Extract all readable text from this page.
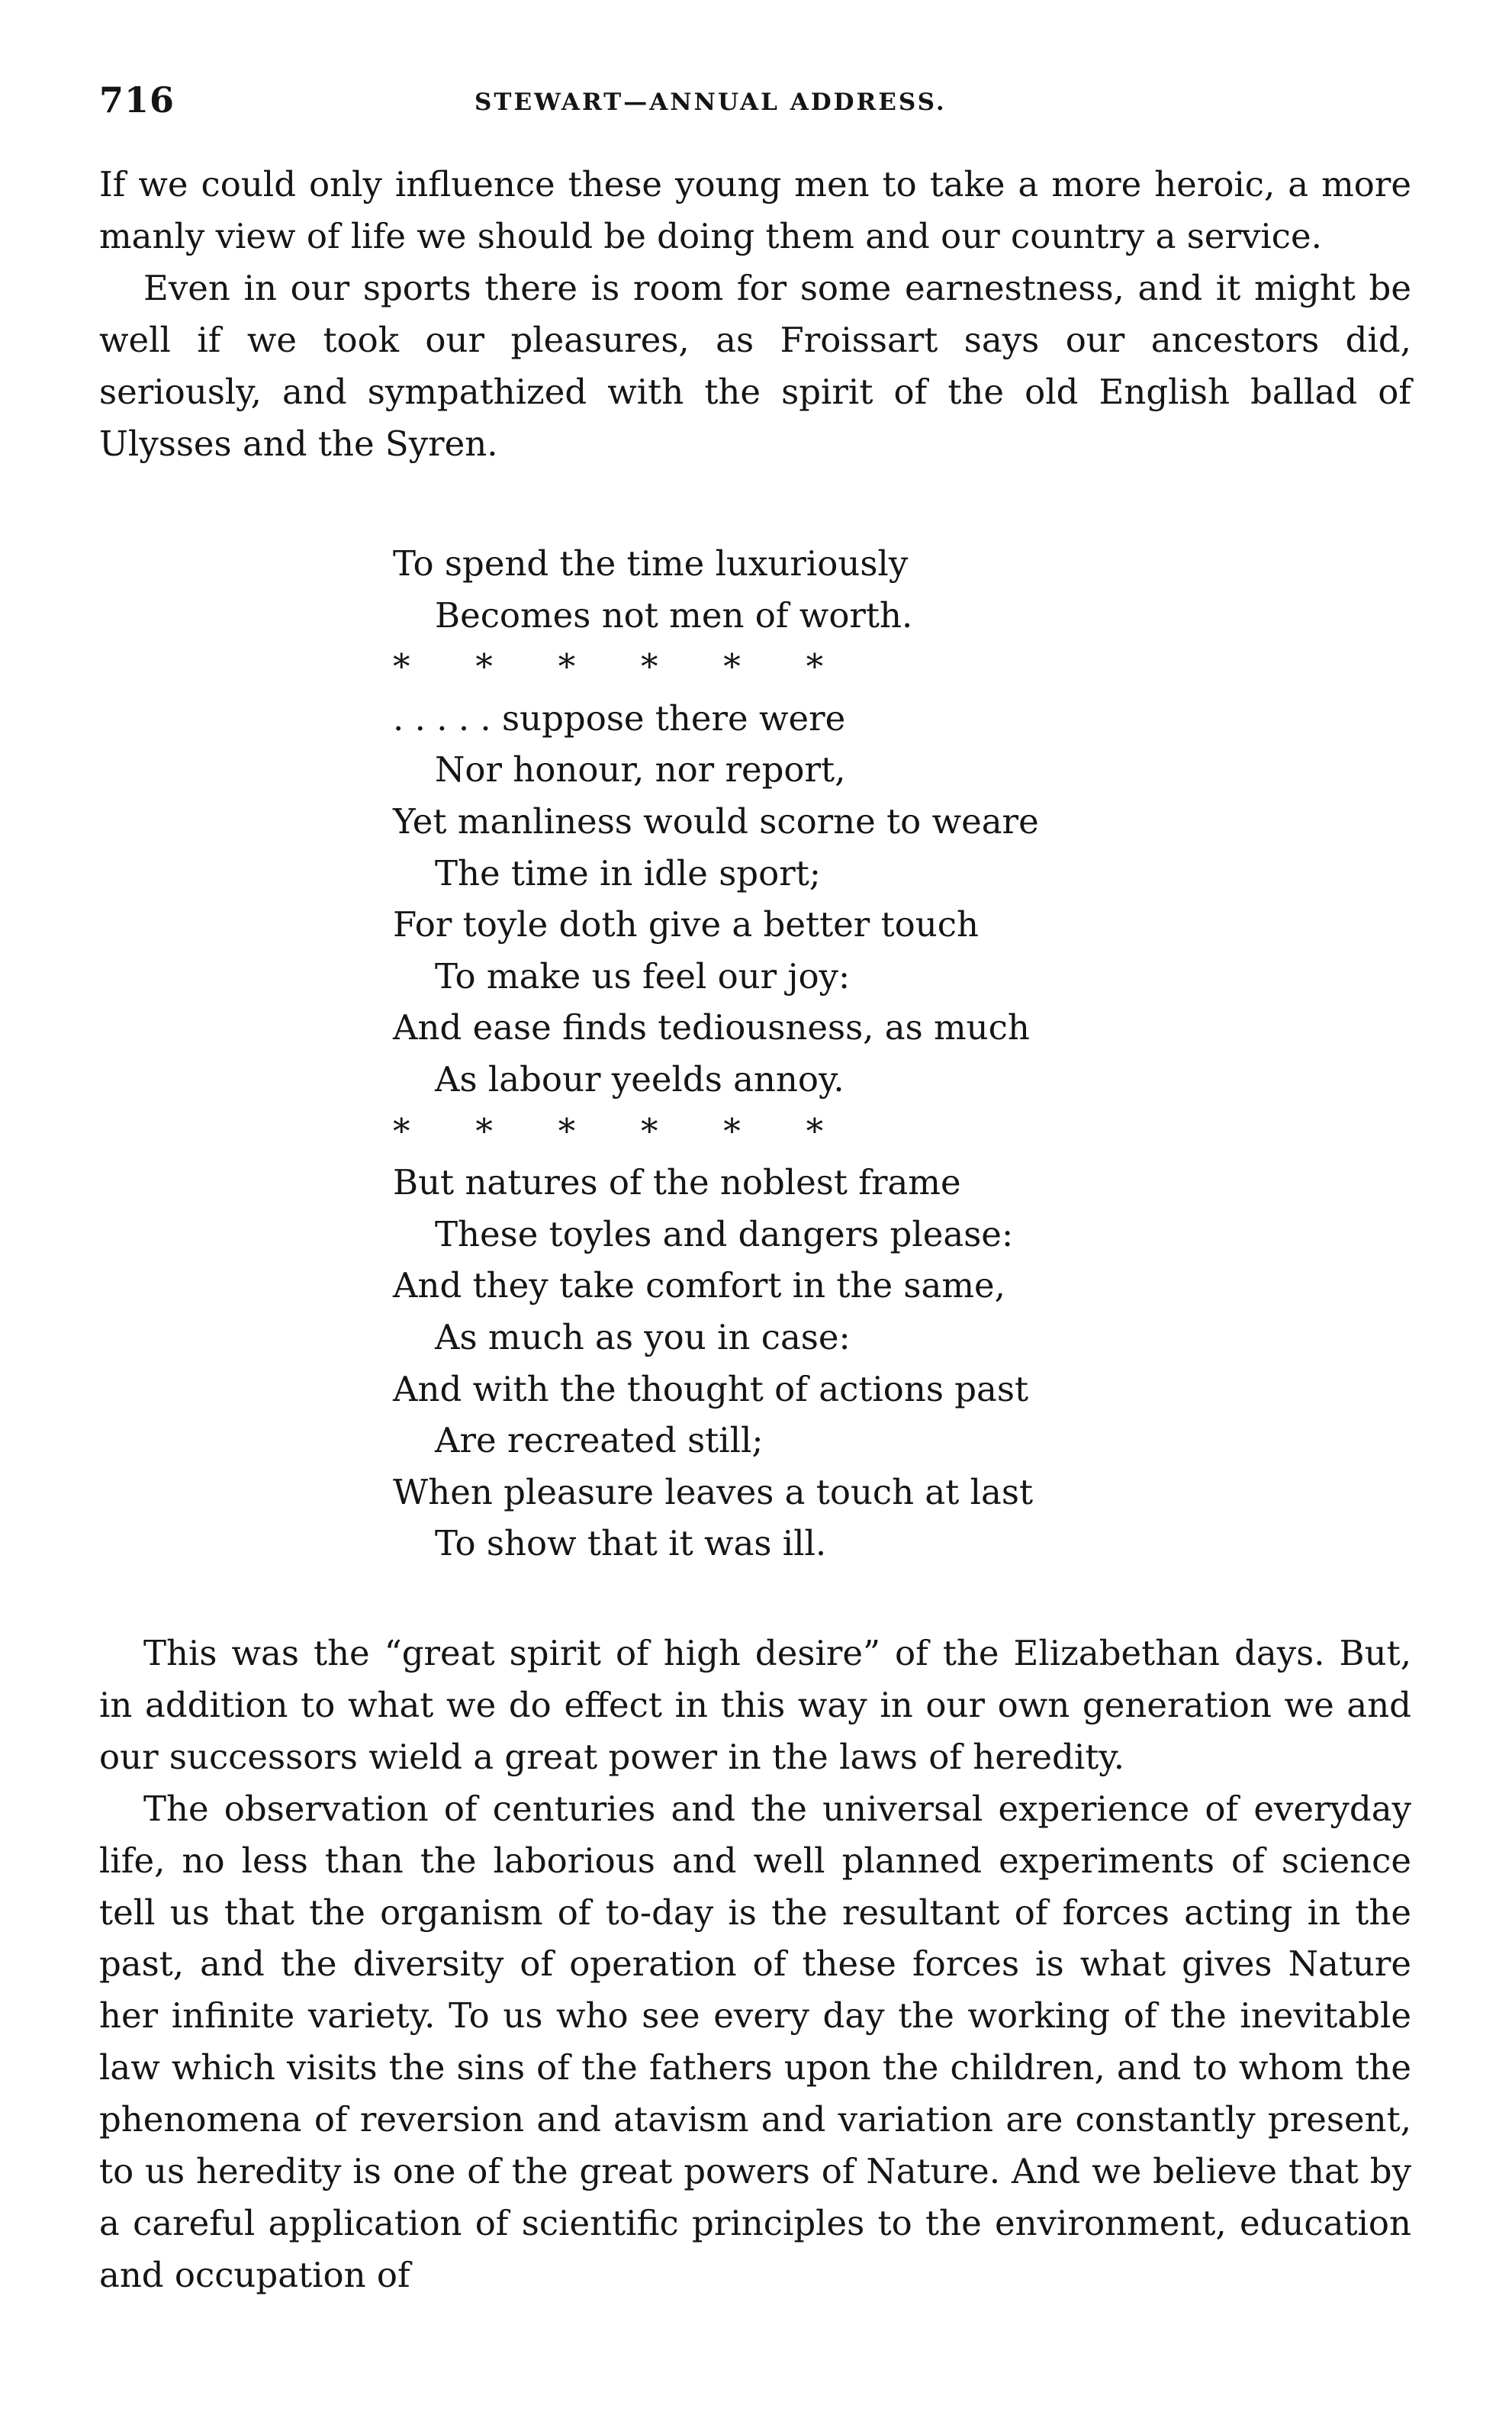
716	STEWART—ANNUAL ADDRESS.

If we could only influence these young men to take a more heroic, a more manly view of life we should be doing them and our country a service.

Even in our sports there is room for some earnestness, and it might be well if we took our pleasures, as Froissart says our ancestors did, seriously, and sympathized with the spirit of the old English ballad of Ulysses and the Syren.

To spend the time luxuriously

Becomes not men of worth.

*      *      *      *      *      *

. . . . . suppose there were

Nor honour, nor report,

Yet manliness would scorne to weare

The time in idle sport;

For toyle doth give a better touch

To make us feel our joy:

And ease finds tediousness, as much

As labour yeelds annoy.

*      *      *      *      *      *

But natures of the noblest frame

These toyles and dangers please:

And they take comfort in the same,

As much as you in case:

And with the thought of actions past

Are recreated still;

When pleasure leaves a touch at last

To show that it was ill.

This was the “great spirit of high desire” of the Elizabethan days. But, in addition to what we do effect in this way in our own generation we and our successors wield a great power in the laws of heredity.

The observation of centuries and the universal experience of everyday life, no less than the laborious and well planned experiments of science tell us that the organism of to-day is the resultant of forces acting in the past, and the diversity of operation of these forces is what gives Nature her infinite variety. To us who see every day the working of the inevitable law which visits the sins of the fathers upon the children, and to whom the phenomena of reversion and atavism and variation are constantly present, to us heredity is one of the great powers of Nature. And we believe that by a careful application of scientific principles to the environment, education and occupation of
